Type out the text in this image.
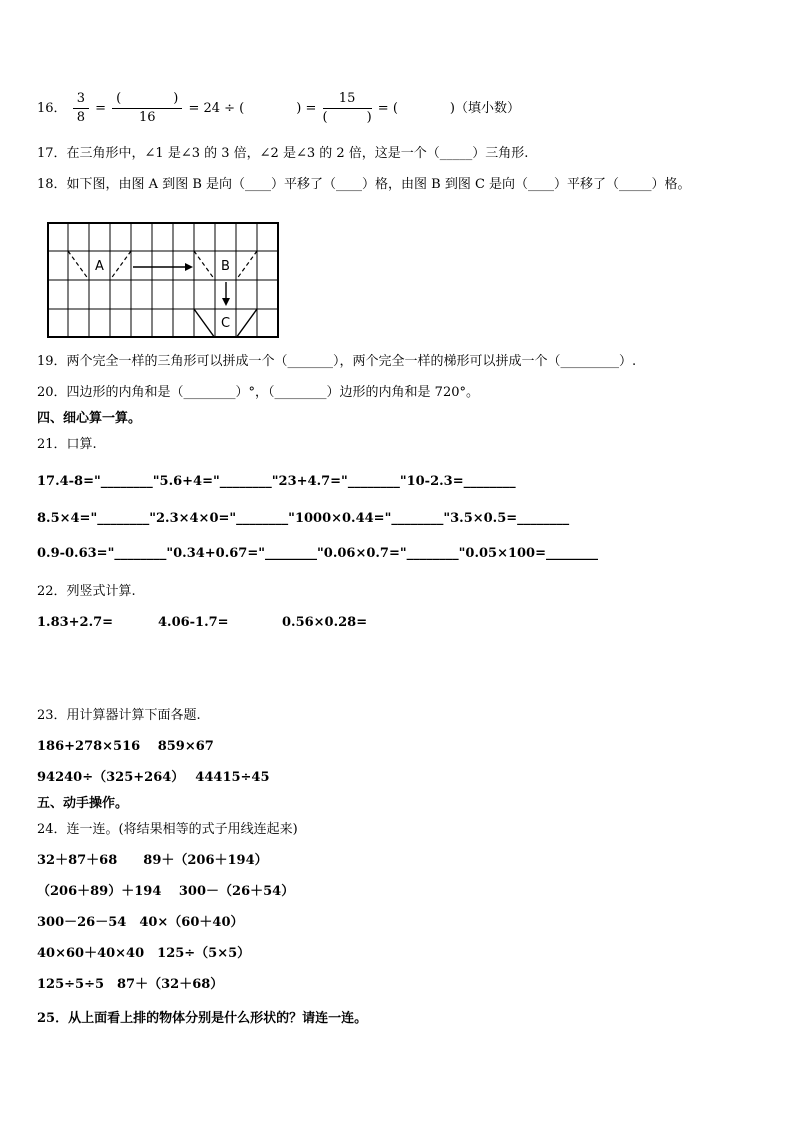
16． $\frac{3}{8} = \frac{( )}{16} = 24$ ÷ (　　　　) = $\frac{15}{( )}$ = (　　　　)（填小数）
17．在三角形中，∠1 是∠3 的 3 倍，∠2 是∠3 的 2 倍，这是一个（_____）三角形.
18．如下图，由图 A 到图 B 是向（____）平移了（____）格，由图 B 到图 C 是向（____）平移了（_____）格。
A	B
C
19．两个完全一样的三角形可以拼成一个（_______），两个完全一样的梯形可以拼成一个（_________）.
20．四边形的内角和是（________）°，（________）边形的内角和是 720°。
四、细心算一算。
21．口算.
17.4-8="________"5.6+4="________"23+4.7="________"10-2.3=________
8.5×4="________"2.3×4×0="________"1000×0.44="________"3.5×0.5=________
0.9-0.63="________"0.34+0.67="________"0.06×0.7="________"0.05×100=________
22．列竖式计算.
1.83+2.7=	4.06-1.7=	0.56×0.28=
23．用计算器计算下面各题.
186+278×516　 859×67
94240÷（325+264）　 44415÷45
五、动手操作。
24．连一连。(将结果相等的式子用线连起来)
32＋87＋68　　89＋（206＋194）
（206＋89）＋194　 300－（26＋54）
300－26－54　40×（60＋40）
40×60＋40×40　125÷（5×5）
125÷5÷5　87＋（32＋68）
25．从上面看上排的物体分别是什么形状的？请连一连。
